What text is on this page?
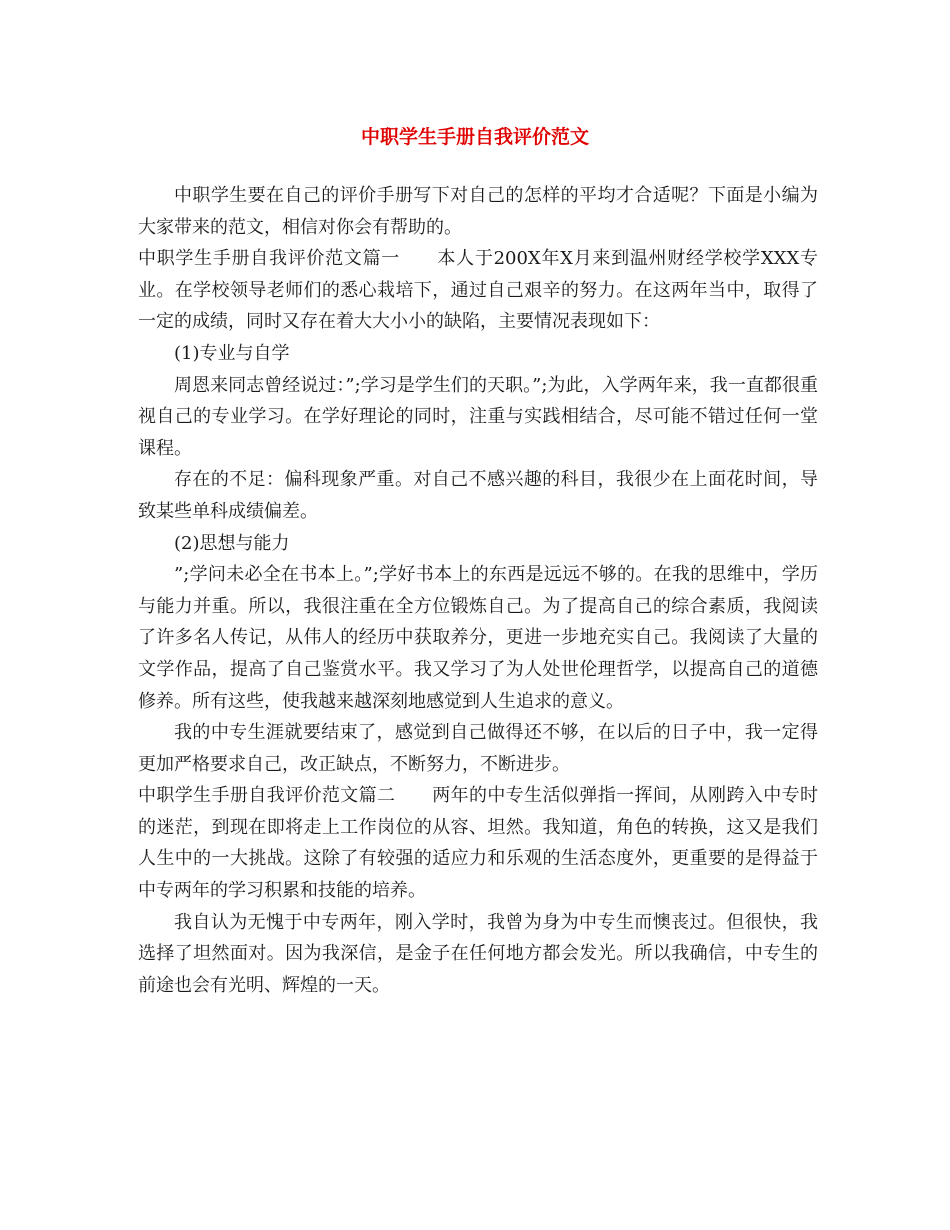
中职学生手册自我评价范文

中职学生要在自己的评价手册写下对自己的怎样的平均才合适呢？下面是小编为大家带来的范文，相信对你会有帮助的。

中职学生手册自我评价范文篇一　　本人于200X年X月来到温州财经学校学XXX专业。在学校领导老师们的悉心栽培下，通过自己艰辛的努力。在这两年当中，取得了一定的成绩，同时又存在着大大小小的缺陷，主要情况表现如下：

(1)专业与自学

周恩来同志曾经说过：”;学习是学生们的天职。”;为此，入学两年来，我一直都很重视自己的专业学习。在学好理论的同时，注重与实践相结合，尽可能不错过任何一堂课程。

存在的不足：偏科现象严重。对自己不感兴趣的科目，我很少在上面花时间，导致某些单科成绩偏差。

(2)思想与能力

”;学问未必全在书本上。”;学好书本上的东西是远远不够的。在我的思维中，学历与能力并重。所以，我很注重在全方位锻炼自己。为了提高自己的综合素质，我阅读了许多名人传记，从伟人的经历中获取养分，更进一步地充实自己。我阅读了大量的文学作品，提高了自己鉴赏水平。我又学习了为人处世伦理哲学，以提高自己的道德修养。所有这些，使我越来越深刻地感觉到人生追求的意义。

我的中专生涯就要结束了，感觉到自己做得还不够，在以后的日子中，我一定得更加严格要求自己，改正缺点，不断努力，不断进步。

中职学生手册自我评价范文篇二　　两年的中专生活似弹指一挥间，从刚跨入中专时的迷茫，到现在即将走上工作岗位的从容、坦然。我知道，角色的转换，这又是我们人生中的一大挑战。这除了有较强的适应力和乐观的生活态度外，更重要的是得益于中专两年的学习积累和技能的培养。

我自认为无愧于中专两年，刚入学时，我曾为身为中专生而懊丧过。但很快，我选择了坦然面对。因为我深信，是金子在任何地方都会发光。所以我确信，中专生的前途也会有光明、辉煌的一天。
